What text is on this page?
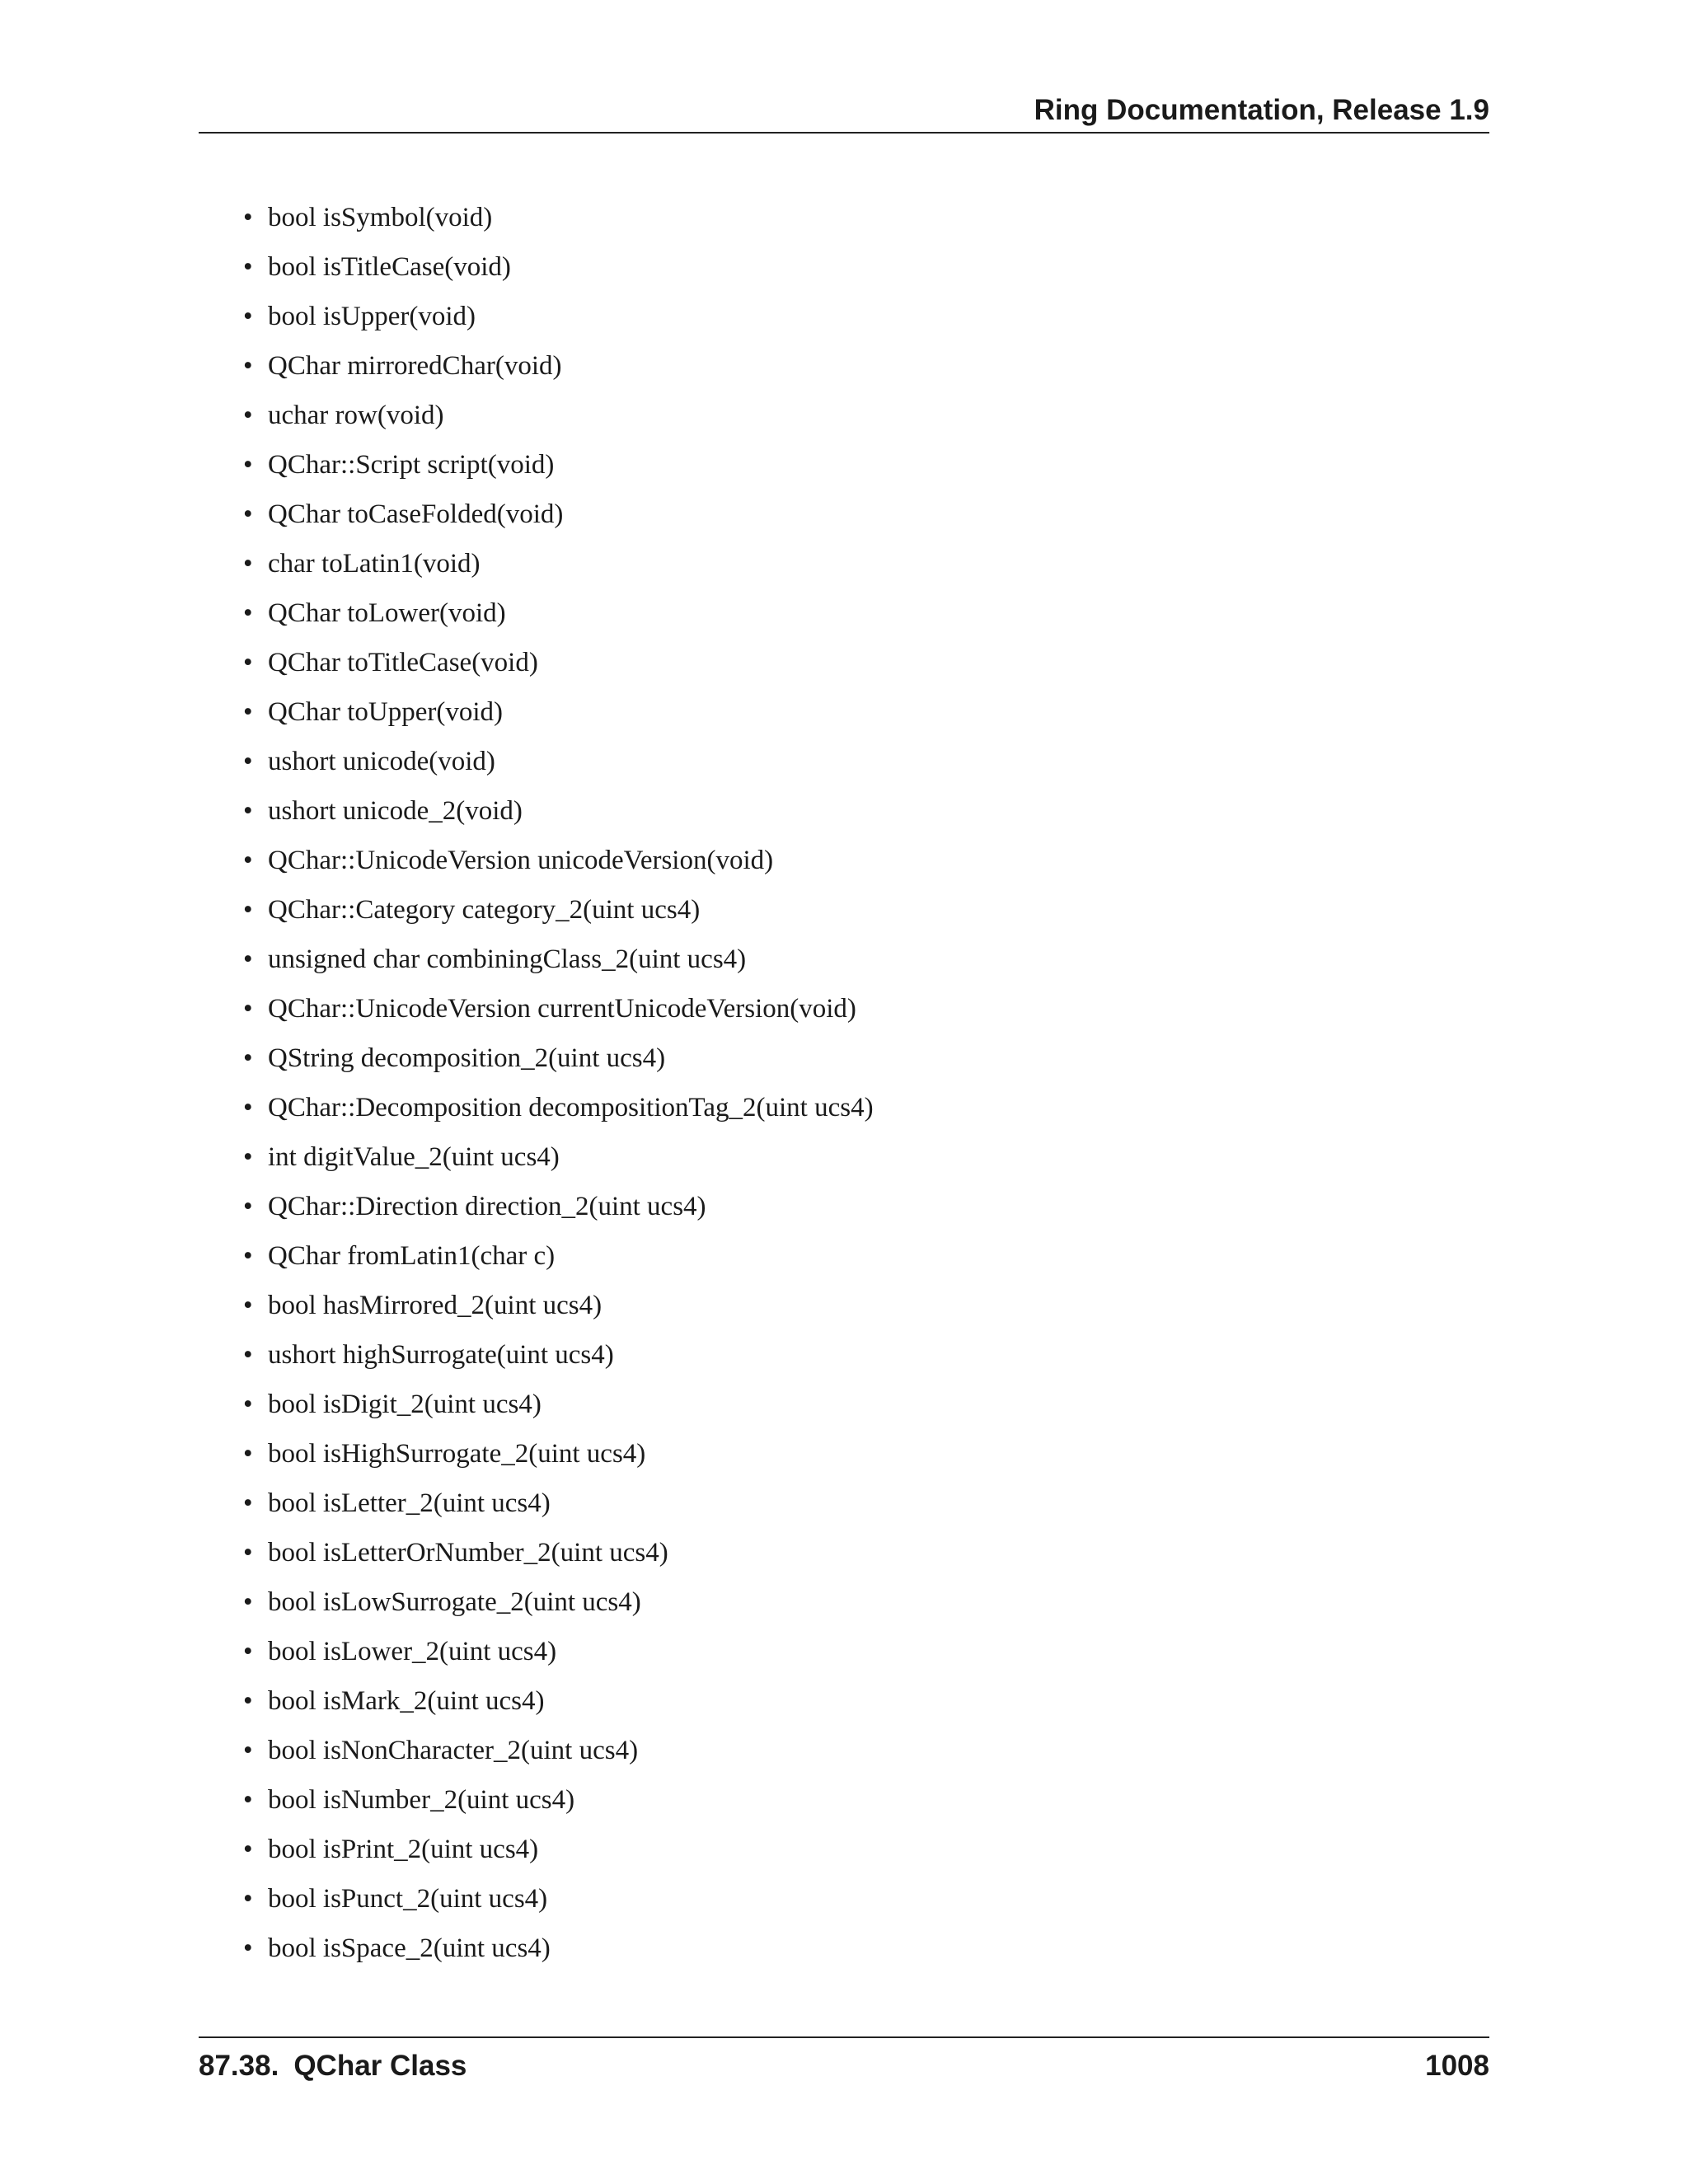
Ring Documentation, Release 1.9
• bool isSymbol(void)
• bool isTitleCase(void)
• bool isUpper(void)
• QChar mirroredChar(void)
• uchar row(void)
• QChar::Script script(void)
• QChar toCaseFolded(void)
• char toLatin1(void)
• QChar toLower(void)
• QChar toTitleCase(void)
• QChar toUpper(void)
• ushort unicode(void)
• ushort unicode_2(void)
• QChar::UnicodeVersion unicodeVersion(void)
• QChar::Category category_2(uint ucs4)
• unsigned char combiningClass_2(uint ucs4)
• QChar::UnicodeVersion currentUnicodeVersion(void)
• QString decomposition_2(uint ucs4)
• QChar::Decomposition decompositionTag_2(uint ucs4)
• int digitValue_2(uint ucs4)
• QChar::Direction direction_2(uint ucs4)
• QChar fromLatin1(char c)
• bool hasMirrored_2(uint ucs4)
• ushort highSurrogate(uint ucs4)
• bool isDigit_2(uint ucs4)
• bool isHighSurrogate_2(uint ucs4)
• bool isLetter_2(uint ucs4)
• bool isLetterOrNumber_2(uint ucs4)
• bool isLowSurrogate_2(uint ucs4)
• bool isLower_2(uint ucs4)
• bool isMark_2(uint ucs4)
• bool isNonCharacter_2(uint ucs4)
• bool isNumber_2(uint ucs4)
• bool isPrint_2(uint ucs4)
• bool isPunct_2(uint ucs4)
• bool isSpace_2(uint ucs4)
87.38. QChar Class	1008
